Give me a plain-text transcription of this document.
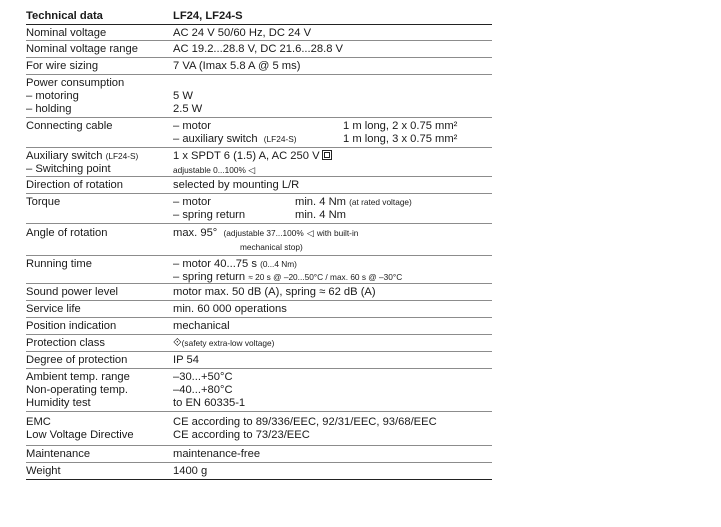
Technical data	LF24, LF24-S
Nominal voltage	AC 24 V 50/60 Hz, DC 24 V
Nominal voltage range	AC 19.2...28.8 V, DC 21.6...28.8 V
For wire sizing	7 VA (Imax 5.8 A @ 5 ms)
Power consumption
– motoring	5 W
– holding	2.5 W
Connecting cable	– motor	1 m long, 2 x 0.75 mm²
– auxiliary switch (LF24-S)	1 m long, 3 x 0.75 mm²
Auxiliary switch (LF24-S)	1 x SPDT 6 (1.5) A, AC 250 V
– Switching point	adjustable 0...100% ◁
Direction of rotation	selected by mounting L/R
Torque	– motor	min. 4 Nm (at rated voltage)
– spring return	min. 4 Nm
Angle of rotation	max. 95° (adjustable 37...100% ◁ with built-in
mechanical stop)
Running time	– motor 40...75 s (0...4 Nm)
– spring return ≈ 20 s @ –20...50°C / max. 60 s @ –30°C
Sound power level	motor max. 50 dB (A), spring ≈ 62 dB (A)
Service life	min. 60 000 operations
Position indication	mechanical
Protection class	⟐(safety extra-low voltage)
Degree of protection	IP 54
Ambient temp. range	–30...+50°C
Non-operating temp.	–40...+80°C
Humidity test	to EN 60335-1
EMC	CE according to 89/336/EEC, 92/31/EEC, 93/68/EEC
Low Voltage Directive	CE according to 73/23/EEC
Maintenance	maintenance-free
Weight	1400 g
